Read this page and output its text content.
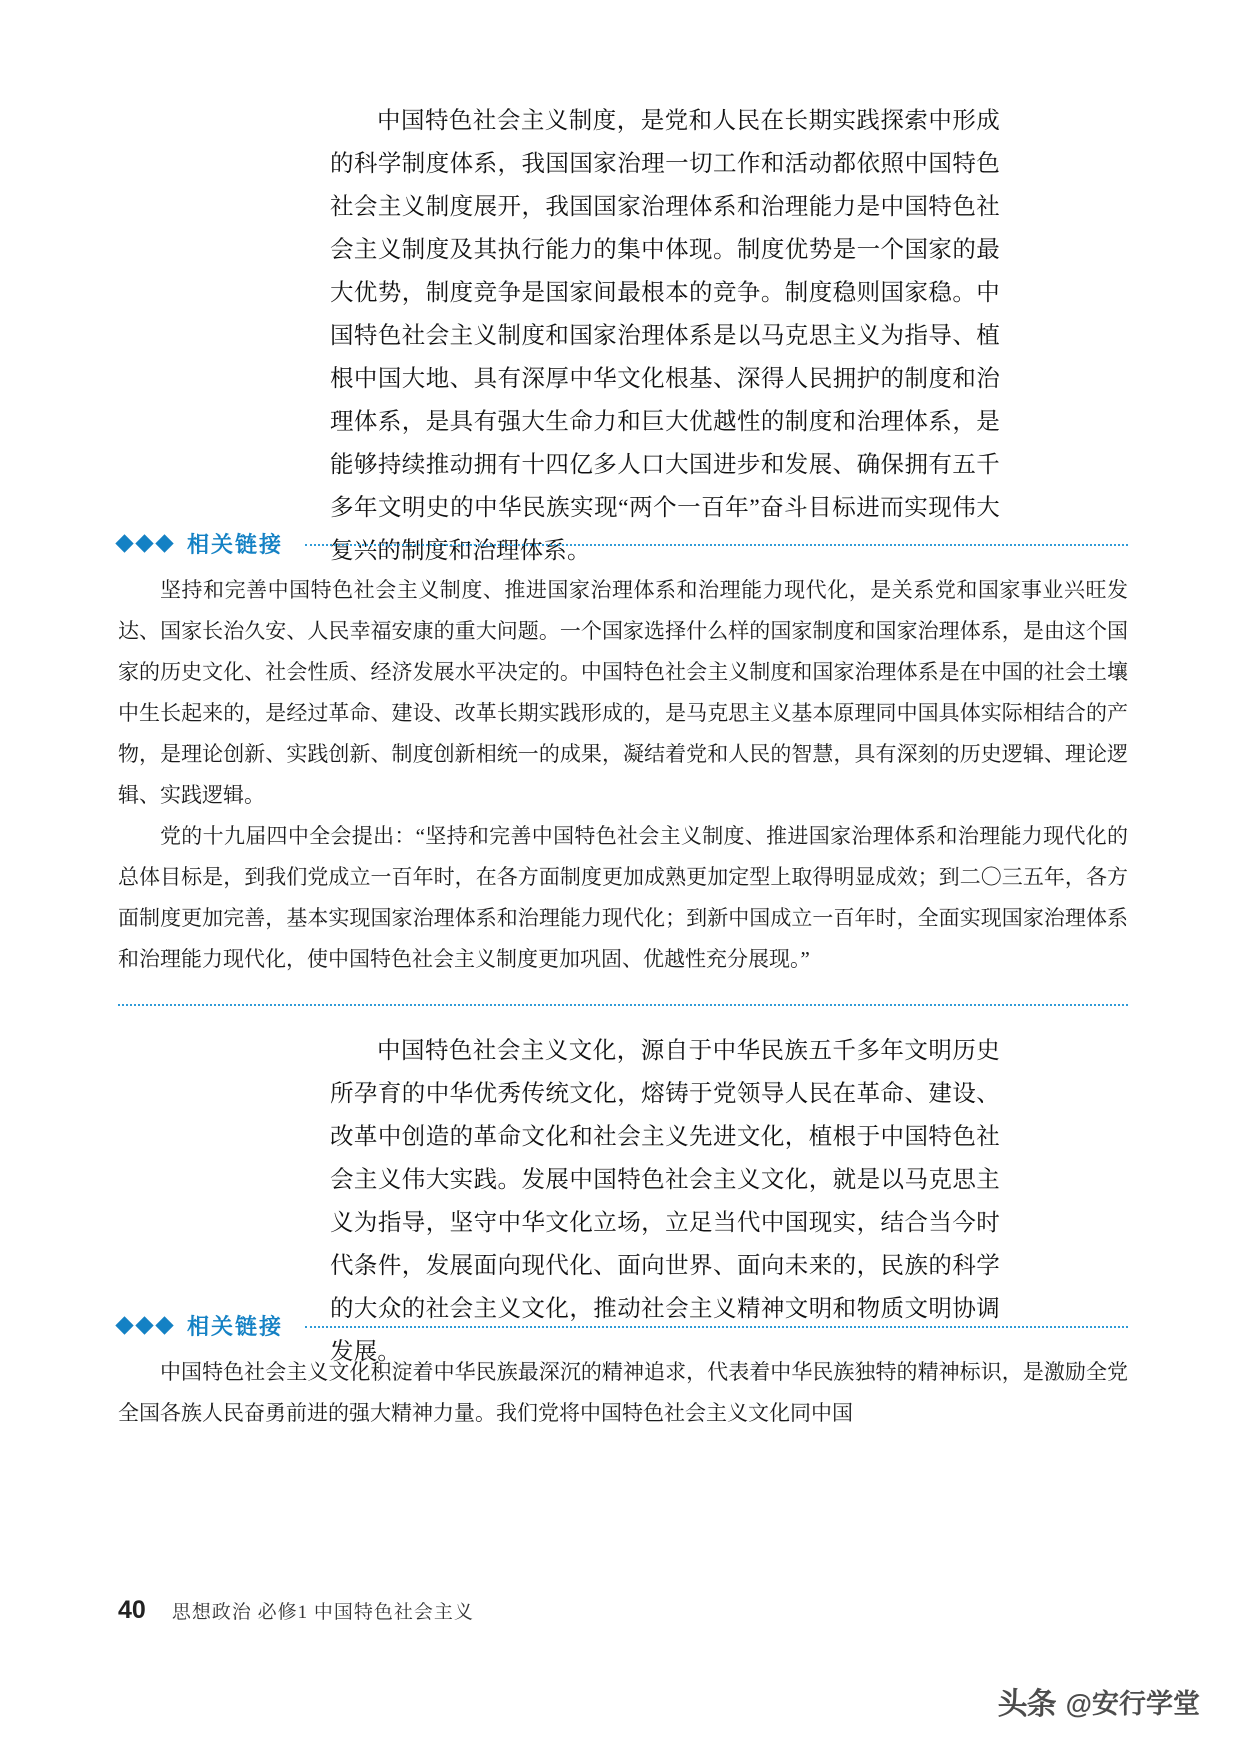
中国特色社会主义制度，是党和人民在长期实践探索中形成的科学制度体系，我国国家治理一切工作和活动都依照中国特色社会主义制度展开，我国国家治理体系和治理能力是中国特色社会主义制度及其执行能力的集中体现。制度优势是一个国家的最大优势，制度竞争是国家间最根本的竞争。制度稳则国家稳。中国特色社会主义制度和国家治理体系是以马克思主义为指导、植根中国大地、具有深厚中华文化根基、深得人民拥护的制度和治理体系，是具有强大生命力和巨大优越性的制度和治理体系，是能够持续推动拥有十四亿多人口大国进步和发展、确保拥有五千多年文明史的中华民族实现“两个一百年”奋斗目标进而实现伟大复兴的制度和治理体系。

相关链接

坚持和完善中国特色社会主义制度、推进国家治理体系和治理能力现代化，是关系党和国家事业兴旺发达、国家长治久安、人民幸福安康的重大问题。一个国家选择什么样的国家制度和国家治理体系，是由这个国家的历史文化、社会性质、经济发展水平决定的。中国特色社会主义制度和国家治理体系是在中国的社会土壤中生长起来的，是经过革命、建设、改革长期实践形成的，是马克思主义基本原理同中国具体实际相结合的产物，是理论创新、实践创新、制度创新相统一的成果，凝结着党和人民的智慧，具有深刻的历史逻辑、理论逻辑、实践逻辑。

党的十九届四中全会提出：“坚持和完善中国特色社会主义制度、推进国家治理体系和治理能力现代化的总体目标是，到我们党成立一百年时，在各方面制度更加成熟更加定型上取得明显成效；到二〇三五年，各方面制度更加完善，基本实现国家治理体系和治理能力现代化；到新中国成立一百年时，全面实现国家治理体系和治理能力现代化，使中国特色社会主义制度更加巩固、优越性充分展现。”

中国特色社会主义文化，源自于中华民族五千多年文明历史所孕育的中华优秀传统文化，熔铸于党领导人民在革命、建设、改革中创造的革命文化和社会主义先进文化，植根于中国特色社会主义伟大实践。发展中国特色社会主义文化，就是以马克思主义为指导，坚守中华文化立场，立足当代中国现实，结合当今时代条件，发展面向现代化、面向世界、面向未来的，民族的科学的大众的社会主义文化，推动社会主义精神文明和物质文明协调发展。

相关链接

中国特色社会主义文化积淀着中华民族最深沉的精神追求，代表着中华民族独特的精神标识，是激励全党全国各族人民奋勇前进的强大精神力量。我们党将中国特色社会主义文化同中国

40 思想政治 必修1 中国特色社会主义
头条 @安行学堂
